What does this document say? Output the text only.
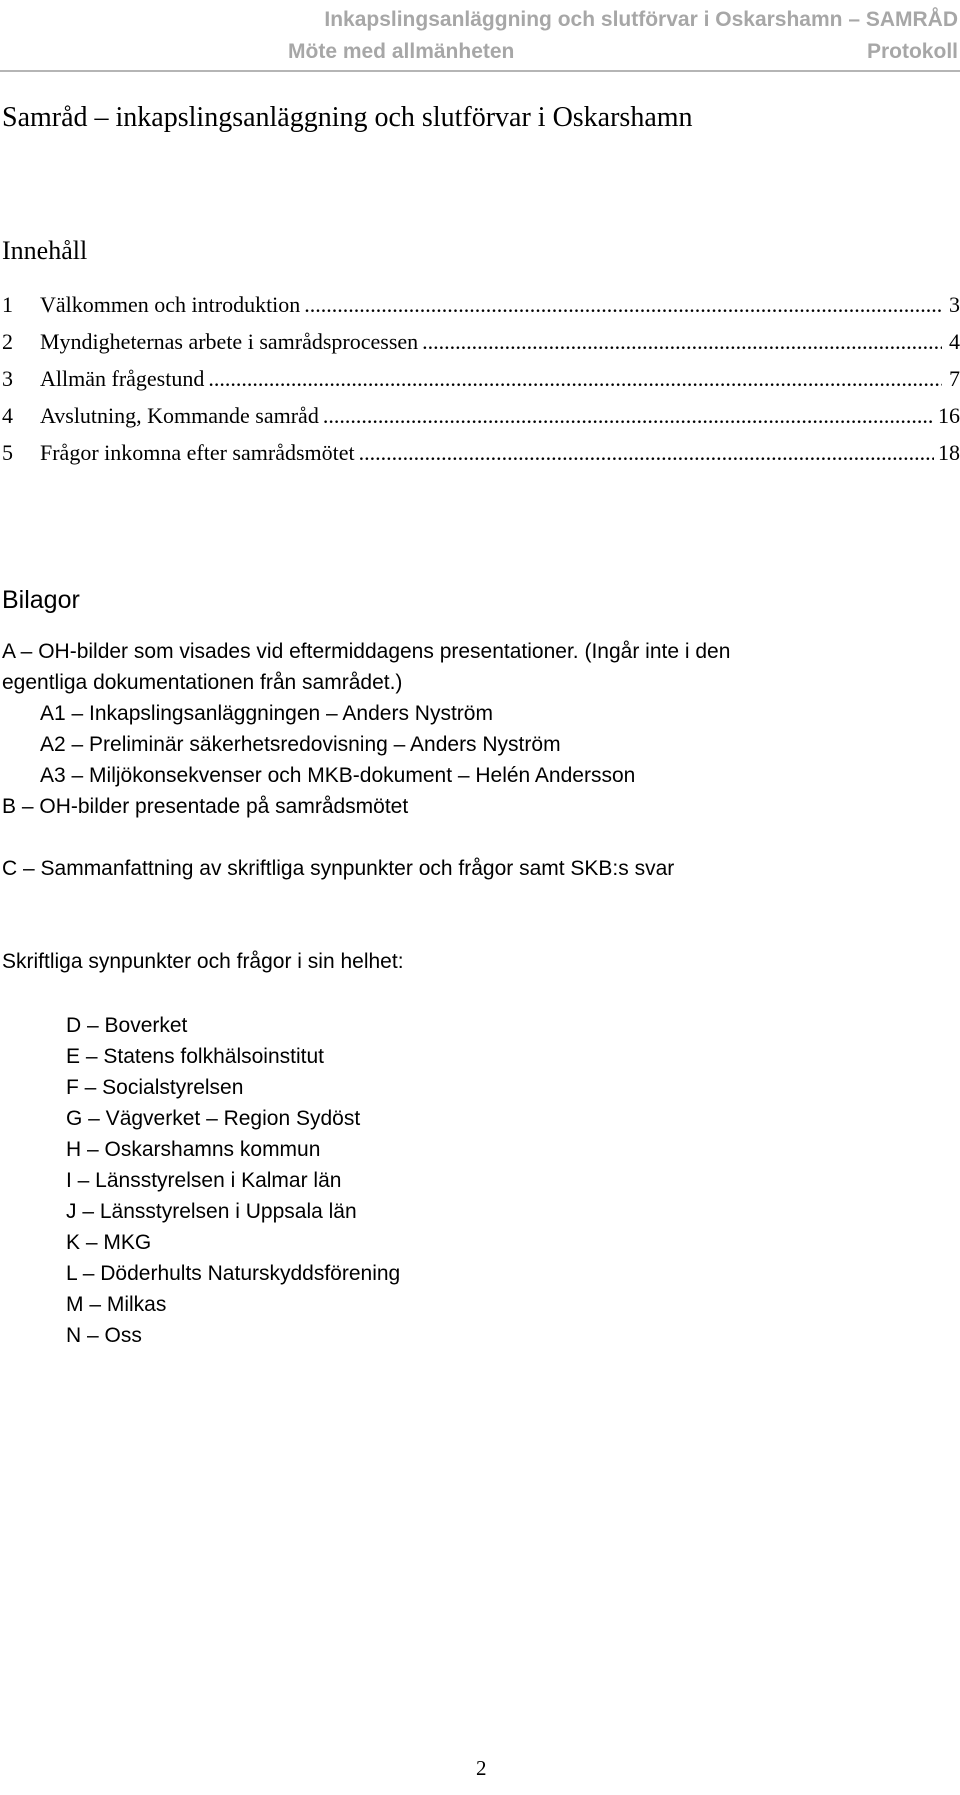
Inkapslingsanläggning och slutförvar i Oskarshamn – SAMRÅD
Möte med allmänheten	Protokoll
Samråd – inkapslingsanläggning och slutförvar i Oskarshamn
Innehåll
1	Välkommen och introduktion .....	3
2	Myndigheternas arbete i samrådsprocessen .....	4
3	Allmän frågestund .....	7
4	Avslutning, Kommande samråd .....	16
5	Frågor inkomna efter samrådsmötet .....	18
Bilagor
A – OH-bilder som visades vid eftermiddagens presentationer. (Ingår inte i den
egentliga dokumentationen från samrådet.)
A1 – Inkapslingsanläggningen – Anders Nyström
A2 – Preliminär säkerhetsredovisning – Anders Nyström
A3 – Miljökonsekvenser och MKB-dokument – Helén Andersson
B – OH-bilder presentade på samrådsmötet
C – Sammanfattning av skriftliga synpunkter och frågor samt SKB:s svar
Skriftliga synpunkter och frågor i sin helhet:
D – Boverket
E – Statens folkhälsoinstitut
F – Socialstyrelsen
G – Vägverket – Region Sydöst
H – Oskarshamns kommun
I – Länsstyrelsen i Kalmar län
J – Länsstyrelsen i Uppsala län
K – MKG
L – Döderhults Naturskyddsförening
M – Milkas
N – Oss
2
